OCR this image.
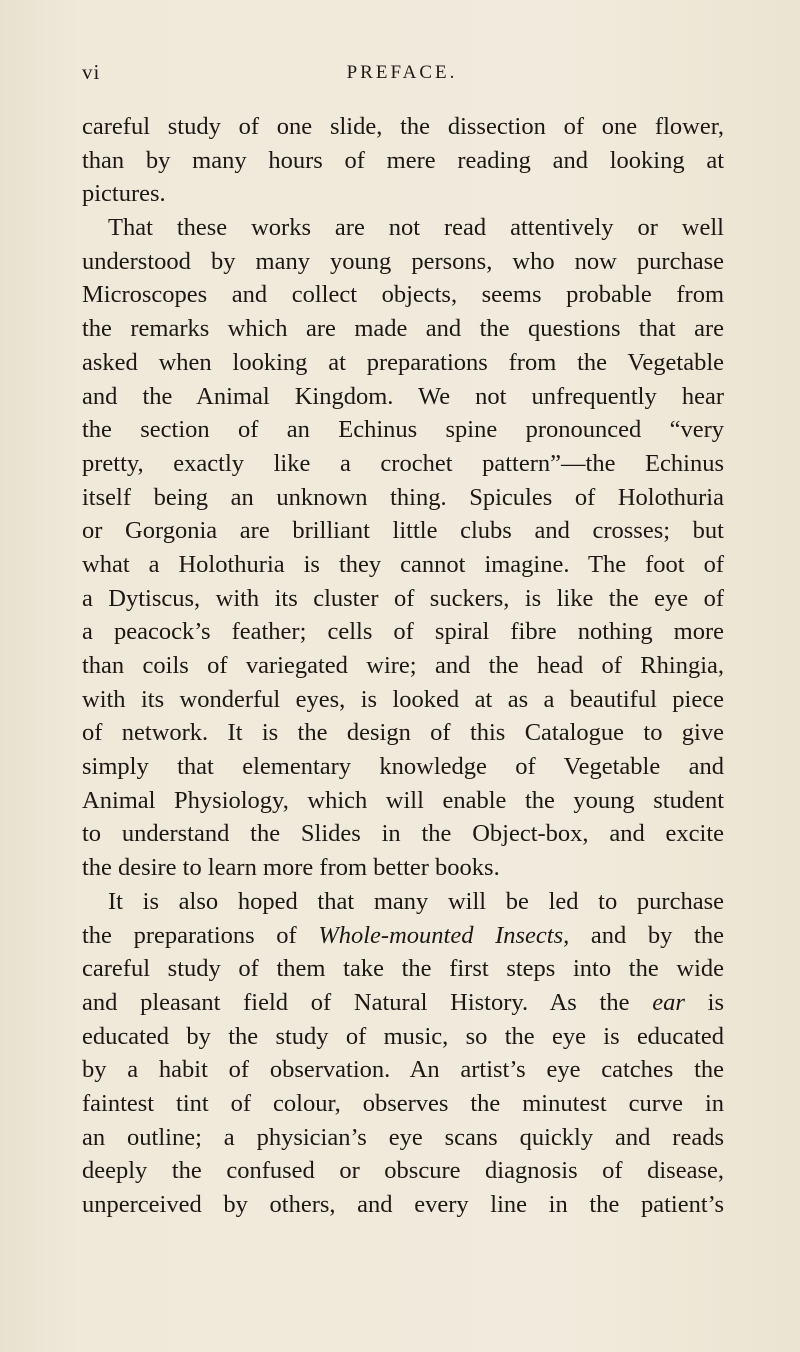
vi	PREFACE.
careful study of one slide, the dissection of one flower,
than by many hours of mere reading and looking at
pictures.
That these works are not read attentively or well
understood by many young persons, who now purchase
Microscopes and collect objects, seems probable from
the remarks which are made and the questions that are
asked when looking at preparations from the Vegetable
and the Animal Kingdom. We not unfrequently hear
the section of an Echinus spine pronounced “very
pretty, exactly like a crochet pattern”—the Echinus
itself being an unknown thing. Spicules of Holothuria
or Gorgonia are brilliant little clubs and crosses; but
what a Holothuria is they cannot imagine. The foot of
a Dytiscus, with its cluster of suckers, is like the eye of
a peacock’s feather; cells of spiral fibre nothing more
than coils of variegated wire; and the head of Rhingia,
with its wonderful eyes, is looked at as a beautiful piece
of network. It is the design of this Catalogue to give
simply that elementary knowledge of Vegetable and
Animal Physiology, which will enable the young student
to understand the Slides in the Object-box, and excite
the desire to learn more from better books.
It is also hoped that many will be led to purchase
the preparations of Whole-mounted Insects, and by the
careful study of them take the first steps into the wide
and pleasant field of Natural History. As the ear is
educated by the study of music, so the eye is educated
by a habit of observation. An artist’s eye catches the
faintest tint of colour, observes the minutest curve in
an outline; a physician’s eye scans quickly and reads
deeply the confused or obscure diagnosis of disease,
unperceived by others, and every line in the patient’s
